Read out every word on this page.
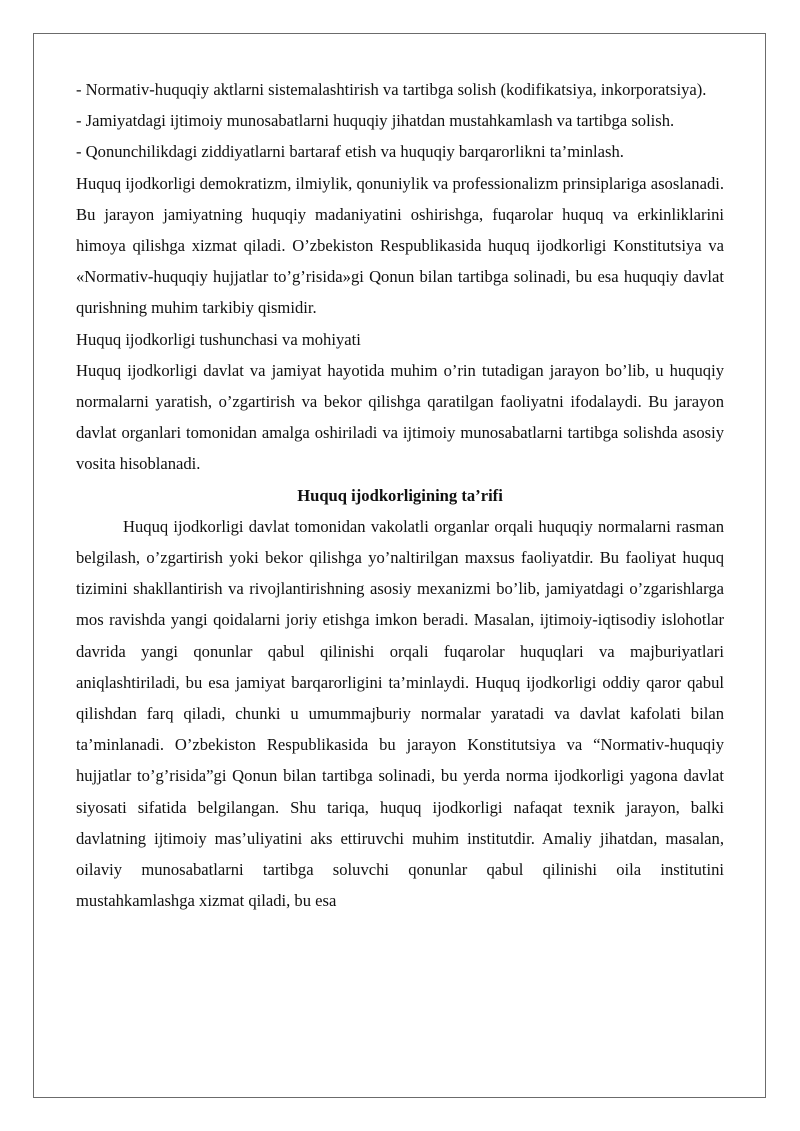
- Normativ-huquqiy aktlarni sistemalashtirish va tartibga solish (kodifikatsiya, inkorporatsiya).

- Jamiyatdagi ijtimoiy munosabatlarni huquqiy jihatdan mustahkamlash va tartibga solish.

- Qonunchilikdagi ziddiyatlarni bartaraf etish va huquqiy barqarorlikni ta’minlash.

Huquq ijodkorligi demokratizm, ilmiylik, qonuniylik va professionalizm prinsiplariga asoslanadi. Bu jarayon jamiyatning huquqiy madaniyatini oshirishga, fuqarolar huquq va erkinliklarini himoya qilishga xizmat qiladi. O’zbekiston Respublikasida huquq ijodkorligi Konstitutsiya va «Normativ-huquqiy hujjatlar to’g’risida»gi Qonun bilan tartibga solinadi, bu esa huquqiy davlat qurishning muhim tarkibiy qismidir.

Huquq ijodkorligi tushunchasi va mohiyati

Huquq ijodkorligi davlat va jamiyat hayotida muhim o’rin tutadigan jarayon bo’lib, u huquqiy normalarni yaratish, o’zgartirish va bekor qilishga qaratilgan faoliyatni ifodalaydi. Bu jarayon davlat organlari tomonidan amalga oshiriladi va ijtimoiy munosabatlarni tartibga solishda asosiy vosita hisoblanadi.

Huquq ijodkorligining ta’rifi

Huquq ijodkorligi davlat tomonidan vakolatli organlar orqali huquqiy normalarni rasman belgilash, o’zgartirish yoki bekor qilishga yo’naltirilgan maxsus faoliyatdir. Bu faoliyat huquq tizimini shakllantirish va rivojlantirishning asosiy mexanizmi bo’lib, jamiyatdagi o’zgarishlarga mos ravishda yangi qoidalarni joriy etishga imkon beradi. Masalan, ijtimoiy-iqtisodiy islohotlar davrida yangi qonunlar qabul qilinishi orqali fuqarolar huquqlari va majburiyatlari aniqlashtiriladi, bu esa jamiyat barqarorligini ta’minlaydi. Huquq ijodkorligi oddiy qaror qabul qilishdan farq qiladi, chunki u umummajburiy normalar yaratadi va davlat kafolati bilan ta’minlanadi. O’zbekiston Respublikasida bu jarayon Konstitutsiya va “Normativ-huquqiy hujjatlar to’g’risida”gi Qonun bilan tartibga solinadi, bu yerda norma ijodkorligi yagona davlat siyosati sifatida belgilangan. Shu tariqa, huquq ijodkorligi nafaqat texnik jarayon, balki davlatning ijtimoiy mas’uliyatini aks ettiruvchi muhim institutdir. Amaliy jihatdan, masalan, oilaviy munosabatlarni tartibga soluvchi qonunlar qabul qilinishi oila institutini mustahkamlashga xizmat qiladi, bu esa
